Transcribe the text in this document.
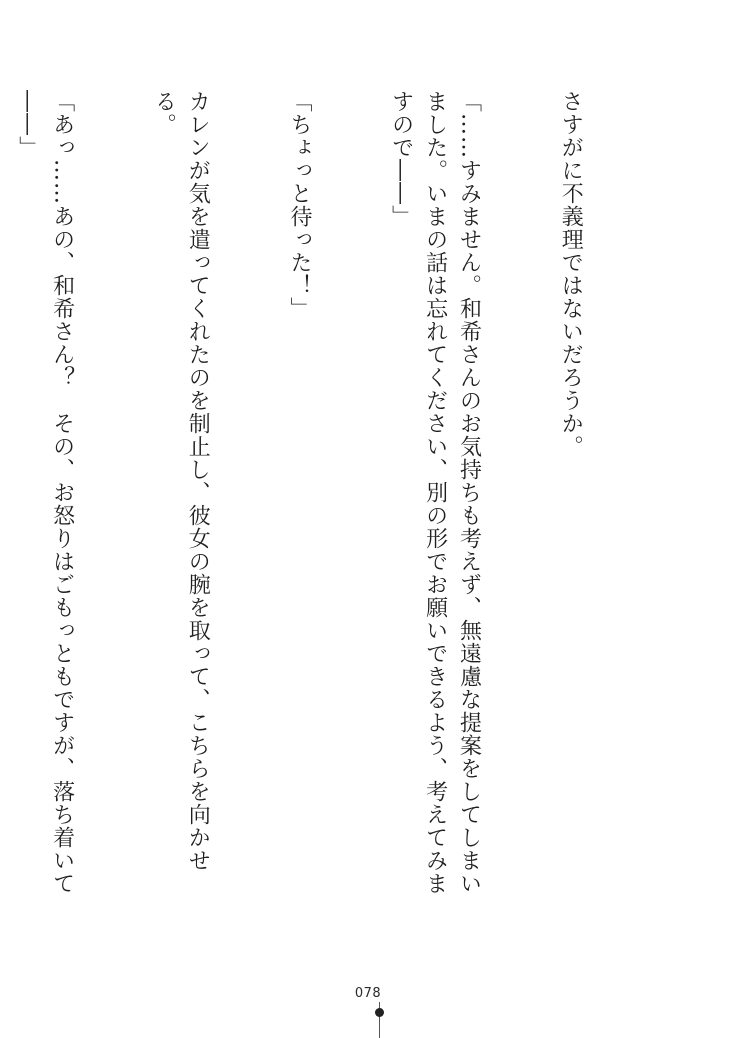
さすがに不義理ではないだろうか。

「……すみません。和希さんのお気持ちも考えず、無遠慮な提案をしてしまいました。いまの話は忘れてください、別の形でお願いできるよう、考えてみますので――」

「ちょっと待った！」

カレンが気を遣ってくれたのを制止し、彼女の腕を取って、こちらを向かせる。

「あっ……あの、和希さん？　その、お怒りはごもっともですが、落ち着いて――」

078
